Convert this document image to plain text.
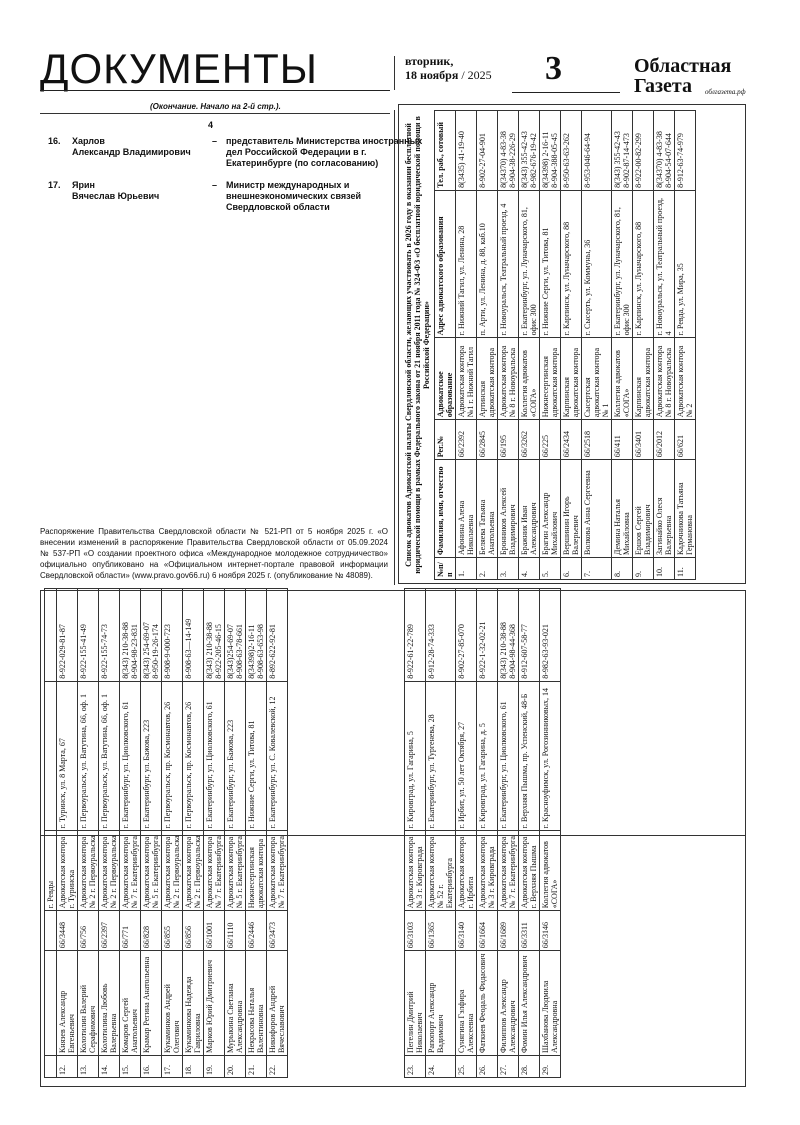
ДОКУМЕНТЫ	вторник,
18 ноября / 2025 3	Областная
Газета облгазета.рф
(Окончание. Начало на 2-й стр.).
4
16.	Харлов
Александр Владимирович
– представитель Министерства иностранных дел Российской Федерации в г. Екатеринбурге (по согласованию)
17.	Ярин
Вячеслав Юрьевич
– Министр международных и внешнеэкономических связей Свердловской области
Распоряжение Правительства Свердловской области № 521-РП от 5 ноября 2025 г. «О внесении изменений в распоряжение Правительства Свердловской области от 05.09.2024 № 537-РП «О создании проектного офиса «Международное молодежное сотрудничество» официально опубликовано на «Официальном интернет-портале правовой информации Свердловской области» (www.pravo.gov66.ru) 6 ноября 2025 г. (опубликование № 48089).
Список адвокатов Адвокатской палаты Свердловской области, желающих участвовать в 2026 году в оказании бесплатной юридической помощи в рамках Федерального закона от 21 ноября 2011 года № 324-ФЗ «О бесплатной юридической помощи в Российской Федерации»
№п/п	Фамилия, имя, отчество	Рег.№	Адвокатское образование	Адрес адвокатского образования	Тел. раб., сотовый
1.	Афонина Алена Николаевна	66/2392	Адвокатская контора №1 г. Нижний Тагил	г. Нижний Тагил, ул. Ленина, 28	8(3435) 41-19-40
2.	Беляева Татьяна Анатольевна	66/2845	Артинская адвокатская контора	п. Арти, ул. Ленина, д. 88, каб.10	8-902-27-04-901
3.	Бронников Алексей Владимирович	66/195	Адвокатская контора № 8 г. Новоуральска	г. Новоуральск, Театральный проезд, 4	8(34370) 4-83-38
8-904-38-226-29
4.	Бражник Иван Александрович	66/3262	Коллегия адвокатов «СОГА»	г. Екатеринбург, ул. Луначарского, 81, офис 300	8(343) 355-42-43
8-982-676-19-42
5.	Брагин Александр Михайлович	66/225	Нижнесергинская адвокатская контора	г. Нижние Серги, ул. Титова, 81	8(34398) 2-16-11
8-904-388-05-45
6.	Вершинин Игорь Валерьевич	66/2434	Карпинская адвокатская контора	г. Карпинск, ул. Луначарского, 88	8-950-63-63-262
7.	Волкова Анна Сергеевна	66/2518	Сысертская адвокатская контора № 1	г. Сысерть, ул. Коммуны, 36	8-953-046-64-94
8.	Демина Наталья Михайловна	66/411	Коллегия адвокатов «СОГА»	г. Екатеринбург, ул. Луначарского, 81, офис 300	8(343) 355-42-43
8-902-87-14-473
9.	Ершов Сергей Владимирович	66/3401	Карпинская адвокатская контора	г. Карпинск, ул. Луначарского, 88	8-922-00-82-299
10.	Загинайко Олеся Валерьевна	66/2012	Адвокатская контора № 8 г. Новоуральска	г. Новоуральск, ул. Театральный проезд, 4	8(34370) 4-83-38
8-904-54-07-644
11.	Кадочникова Татьяна Германовна	66/621	Адвокатская контора № 2	г. Ревда, ул. Мира, 35	8-912-63-74-979
			г. Ревды		
12.	Князев Александр Евгеньевич	66/3448	Адвокатская контора г. Туринска	г. Туринск, ул. 8 Марта, 67	8-922-029-81-87
13.	Колотилин Валерий Серафимович	66/756	Адвокатская контора № 2 г. Первоуральска	г. Первоуральск, ул. Ватутина, 66, оф. 1	8-922-155-41-49
14.	Колотилина Любовь Валерьевна	66/2397	Адвокатская контора № 2 г. Первоуральска	г. Первоуральск, ул. Ватутина, 66, оф. 1	8-922-155-74-73
15.	Комаров Сергей Анатольевич	66/771	Адвокатская контора № 7 г. Екатеринбурга	г. Екатеринбург, ул. Циолковского, 61	8(343) 210-38-88
8-904-98-23-831
16.	Крамар Регина Анатольевна	66/828	Адвокатская контора № 5 г. Екатеринбурга	г. Екатеринбург, ул. Бажова, 223	8(343) 254-69-07
8-950-19-26-174
17.	Кукаминков Андрей Олегович	66/855	Адвокатская контора № 2 г. Первоуральска	г. Первоуральск, пр. Космонавтов, 26	8-908-9-000-723
18.	Кукаминкова Надежда Гавриловна	66/856	Адвокатская контора № 2 г. Первоуральска	г. Первоуральск, пр. Космонавтов, 26	8-908-63—14-149
19.	Марков Юрий Дмитриевич	66/1001	Адвокатская контора № 7 г. Екатеринбурга	г. Екатеринбург, ул. Циолковского, 61	8(343) 210-38-88
8-922-205-46-15
20.	Мурыкина Светлана Александровна	66/1110	Адвокатская контора № 5 г. Екатеринбурга	г. Екатеринбург, ул. Бажова, 223	8(343)254-69-07
8-908-63-78-661
21.	Некрасова Наталья Валентиновна	66/2446	Нижнесергинская адвокатская контора	г. Нижние Серги, ул. Титова, 81	8(34398)2-16-11
8-908-63-653-98
22.	Никифоров Андрей Вячеславович	66/3473	Адвокатская контора № 7 г. Екатеринбурга	г. Екатеринбург, ул. С. Ковалевской, 12	8-892-622-92-81
23.	Пегелин Дмитрий Николаевич	66/3103	Адвокатская контора № 3 г. Кировграда	г. Кировград, ул. Гагарина, 5	8-922-61-22-789
24.	Рапопорт Александр Вадимович	66/1365	Адвокатская контора № 52 г. Екатеринбурга	г. Екатеринбург, ул. Тургенева, 28	8-912-28-74-333
25.	Сунягина Гэлфира Алексеевна	66/3140	Адвокатская контора г. Ирбита	г. Ирбит, ул. 50 лет Октября, 27	8-902-27-85-070
26.	Фаткиев Феодаль Фидасович	66/1664	Адвокатская контора № 3 г. Кировграда	г. Кировград, ул. Гагарина, д. 5	8-922-1-32-02-21
27.	Филиппов Александр Александрович	66/1689	Адвокатская контора № 7 г. Екатеринбурга	г. Екатеринбург, ул. Циолковского, 61	8(343) 210-38-88
8-904-98-44-368
28.	Фомин Илья Александрович	66/3311	Адвокатская контора г. Верхняя Пышма	г. Верхняя Пышма, пр. Успенский, 48-Б	8-912-607-58-77
29.	Шахбанова Людмила Александровна	66/3146	Коллегия адвокатов «СОГА»	г. Красноуфимск, ул. Рогозинниковых, 14	8-982-63-93-021
